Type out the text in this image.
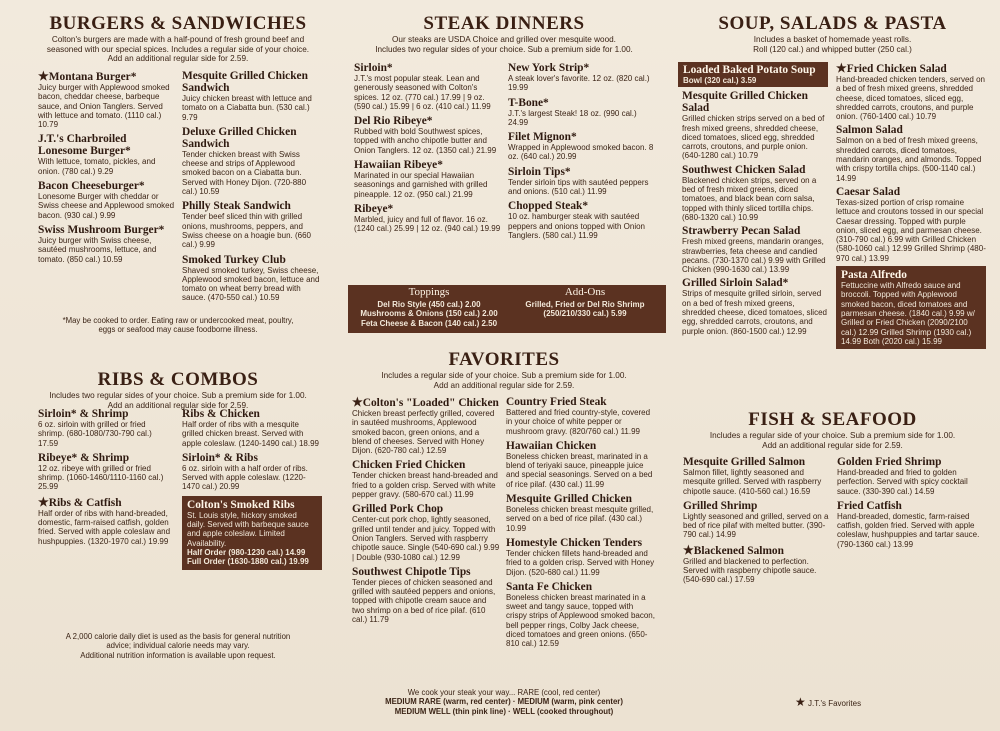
BURGERS & SANDWICHES
Colton's burgers are made with a half-pound of fresh ground beef and
seasoned with our special spices. Includes a regular side of your choice.
Add an additional regular side for 2.59.
★Montana Burger*
Juicy burger with Applewood smoked bacon, cheddar cheese, barbeque sauce, and Onion Tanglers. Served with lettuce and tomato. (1110 cal.) 10.79
J.T.'s Charbroiled Lonesome Burger*
With lettuce, tomato, pickles, and onion. (780 cal.) 9.29
Bacon Cheeseburger*
Lonesome Burger with cheddar or Swiss cheese and Applewood smoked bacon. (930 cal.) 9.99
Swiss Mushroom Burger*
Juicy burger with Swiss cheese, sautéed mushrooms, lettuce, and tomato. (850 cal.) 10.59
Mesquite Grilled Chicken Sandwich
Juicy chicken breast with lettuce and tomato on a Ciabatta bun. (530 cal.) 9.79
Deluxe Grilled Chicken Sandwich
Tender chicken breast with Swiss cheese and strips of Applewood smoked bacon on a Ciabatta bun. Served with Honey Dijon. (720-880 cal.) 10.59
Philly Steak Sandwich
Tender beef sliced thin with grilled onions, mushrooms, peppers, and Swiss cheese on a hoagie bun. (660 cal.) 9.99
Smoked Turkey Club
Shaved smoked turkey, Swiss cheese, Applewood smoked bacon, lettuce and tomato on wheat berry bread with sauce. (470-550 cal.) 10.59
*May be cooked to order. Eating raw or undercooked meat, poultry,
eggs or seafood may cause foodborne illness.
RIBS & COMBOS
Includes two regular sides of your choice. Sub a premium side for 1.00.
Add an additional regular side for 2.59.
Sirloin* & Shrimp
6 oz. sirloin with grilled or fried shrimp. (680-1080/730-790 cal.) 17.59
Ribeye* & Shrimp
12 oz. ribeye with grilled or fried shrimp. (1060-1460/1110-1160 cal.) 25.99
★Ribs & Catfish
Half order of ribs with hand-breaded, domestic, farm-raised catfish, golden fried. Served with apple coleslaw and hushpuppies. (1320-1970 cal.) 19.99
Ribs & Chicken
Half order of ribs with a mesquite grilled chicken breast. Served with apple coleslaw. (1240-1490 cal.) 18.99
Sirloin* & Ribs
6 oz. sirloin with a half order of ribs. Served with apple coleslaw. (1220-1470 cal.) 20.99
Colton's Smoked Ribs
St. Louis style, hickory smoked daily. Served with barbeque sauce and apple coleslaw. Limited Availability.
Half Order (980-1230 cal.) 14.99
Full Order (1630-1880 cal.) 19.99
A 2,000 calorie daily diet is used as the basis for general nutrition
advice; individual calorie needs may vary.
Additional nutrition information is available upon request.
STEAK DINNERS
Our steaks are USDA Choice and grilled over mesquite wood.
Includes two regular sides of your choice. Sub a premium side for 1.00.
Sirloin*
J.T.'s most popular steak. Lean and generously seasoned with Colton's spices. 12 oz. (770 cal.) 17.99 | 9 oz. (590 cal.) 15.99 | 6 oz. (410 cal.) 11.99
Del Rio Ribeye*
Rubbed with bold Southwest spices, topped with ancho chipotle butter and Onion Tanglers. 12 oz. (1350 cal.) 21.99
Hawaiian Ribeye*
Marinated in our special Hawaiian seasonings and garnished with grilled pineapple. 12 oz. (950 cal.) 21.99
Ribeye*
Marbled, juicy and full of flavor. 16 oz. (1240 cal.) 25.99 | 12 oz. (940 cal.) 19.99
New York Strip*
A steak lover's favorite. 12 oz. (820 cal.) 19.99
T-Bone*
J.T.'s largest Steak! 18 oz. (990 cal.) 24.99
Filet Mignon*
Wrapped in Applewood smoked bacon. 8 oz. (640 cal.) 20.99
Sirloin Tips*
Tender sirloin tips with sautéed peppers and onions. (510 cal.) 11.99
Chopped Steak*
10 oz. hamburger steak with sautéed peppers and onions topped with Onion Tanglers. (580 cal.) 11.99
Toppings
Del Rio Style (450 cal.) 2.00
Mushrooms & Onions (150 cal.) 2.00
Feta Cheese & Bacon (140 cal.) 2.50
Add-Ons
Grilled, Fried or Del Rio Shrimp
(250/210/330 cal.) 5.99
FAVORITES
Includes a regular side of your choice. Sub a premium side for 1.00.
Add an additional regular side for 2.59.
★Colton's "Loaded" Chicken
Chicken breast perfectly grilled, covered in sautéed mushrooms, Applewood smoked bacon, green onions, and a blend of cheeses. Served with Honey Dijon. (620-780 cal.) 12.59
Chicken Fried Chicken
Tender chicken breast hand-breaded and fried to a golden crisp. Served with white pepper gravy. (580-670 cal.) 11.99
Grilled Pork Chop
Center-cut pork chop, lightly seasoned, grilled until tender and juicy. Topped with Onion Tanglers. Served with raspberry chipotle sauce. Single (540-690 cal.) 9.99 | Double (930-1080 cal.) 12.99
Southwest Chipotle Tips
Tender pieces of chicken seasoned and grilled with sautéed peppers and onions, topped with chipotle cream sauce and two shrimp on a bed of rice pilaf. (610 cal.) 11.79
Country Fried Steak
Battered and fried country-style, covered in your choice of white pepper or mushroom gravy. (820/760 cal.) 11.99
Hawaiian Chicken
Boneless chicken breast, marinated in a blend of teriyaki sauce, pineapple juice and special seasonings. Served on a bed of rice pilaf. (430 cal.) 11.99
Mesquite Grilled Chicken
Boneless chicken breast mesquite grilled, served on a bed of rice pilaf. (430 cal.) 10.99
Homestyle Chicken Tenders
Tender chicken fillets hand-breaded and fried to a golden crisp. Served with Honey Dijon. (520-680 cal.) 11.99
Santa Fe Chicken
Boneless chicken breast marinated in a sweet and tangy sauce, topped with crispy strips of Applewood smoked bacon, bell pepper rings, Colby Jack cheese, diced tomatoes and green onions. (650-810 cal.) 12.59
We cook your steak your way... RARE (cool, red center)
MEDIUM RARE (warm, red center) · MEDIUM (warm, pink center)
MEDIUM WELL (thin pink line) · WELL (cooked throughout)
SOUP, SALADS & PASTA
Includes a basket of homemade yeast rolls.
Roll (120 cal.) and whipped butter (250 cal.)
Loaded Baked Potato Soup
Bowl (320 cal.) 3.59
Mesquite Grilled Chicken Salad
Grilled chicken strips served on a bed of fresh mixed greens, shredded cheese, diced tomatoes, sliced egg, shredded carrots, croutons, and purple onion. (640-1280 cal.) 10.79
Southwest Chicken Salad
Blackened chicken strips, served on a bed of fresh mixed greens, diced tomatoes, and black bean corn salsa, topped with thinly sliced tortilla chips. (680-1320 cal.) 10.99
Strawberry Pecan Salad
Fresh mixed greens, mandarin oranges, strawberries, feta cheese and candied pecans. (730-1370 cal.) 9.99 with Grilled Chicken (990-1630 cal.) 13.99
Grilled Sirloin Salad*
Strips of mesquite grilled sirloin, served on a bed of fresh mixed greens, shredded cheese, diced tomatoes, sliced egg, shredded carrots, croutons, and purple onion. (860-1500 cal.) 12.99
★Fried Chicken Salad
Hand-breaded chicken tenders, served on a bed of fresh mixed greens, shredded cheese, diced tomatoes, sliced egg, shredded carrots, croutons, and purple onion. (760-1400 cal.) 10.79
Salmon Salad
Salmon on a bed of fresh mixed greens, shredded carrots, diced tomatoes, mandarin oranges, and almonds. Topped with crispy tortilla chips. (500-1140 cal.) 14.99
Caesar Salad
Texas-sized portion of crisp romaine lettuce and croutons tossed in our special Caesar dressing. Topped with purple onion, sliced egg, and parmesan cheese. (310-790 cal.) 6.99 with Grilled Chicken (580-1060 cal.) 12.99 Grilled Shrimp (480-970 cal.) 13.99
Pasta Alfredo
Fettuccine with Alfredo sauce and broccoli. Topped with Applewood smoked bacon, diced tomatoes and parmesan cheese. (1840 cal.) 9.99 w/ Grilled or Fried Chicken (2090/2100 cal.) 12.99 Grilled Shrimp (1930 cal.) 14.99 Both (2020 cal.) 15.99
FISH & SEAFOOD
Includes a regular side of your choice. Sub a premium side for 1.00.
Add an additional regular side for 2.59.
Mesquite Grilled Salmon
Salmon fillet, lightly seasoned and mesquite grilled. Served with raspberry chipotle sauce. (410-560 cal.) 16.59
Grilled Shrimp
Lightly seasoned and grilled, served on a bed of rice pilaf with melted butter. (390-790 cal.) 14.99
★Blackened Salmon
Grilled and blackened to perfection. Served with raspberry chipotle sauce. (540-690 cal.) 17.59
Golden Fried Shrimp
Hand-breaded and fried to golden perfection. Served with spicy cocktail sauce. (330-390 cal.) 14.59
Fried Catfish
Hand-breaded, domestic, farm-raised catfish, golden fried. Served with apple coleslaw, hushpuppies and tartar sauce. (790-1360 cal.) 13.99
★ J.T.'s Favorites
